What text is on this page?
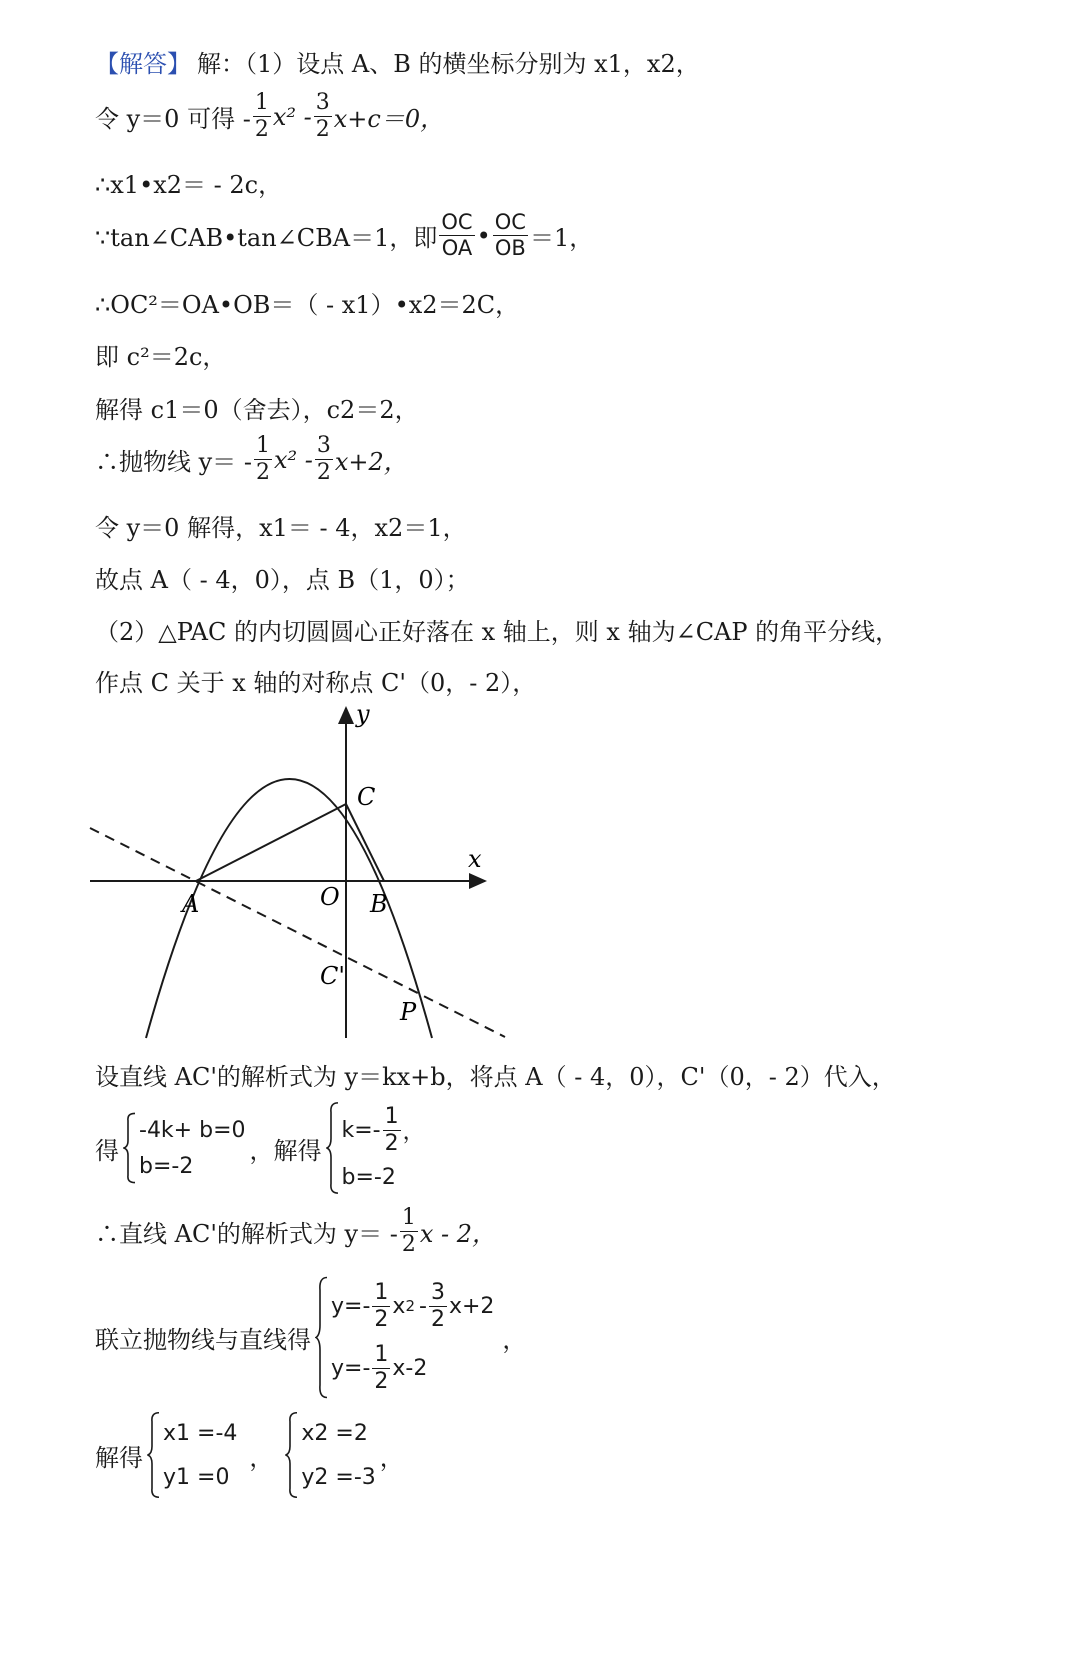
【解答】 解：（1）设点 A、B 的横坐标分别为 x1，x2，
令 y＝0 可得 - $\frac{1}{2} x^2 - \frac{3}{2} x+c=0$，
∴x1•x2＝ - 2c，
∵tan∠CAB•tan∠CBA＝1，即 $\frac{OC}{OA}$ • $\frac{OC}{OB} =1$，
∴OC²＝OA•OB＝（ - x1）•x2＝2C，
即 c²＝2c，
解得 c1＝0（舍去），c2＝2，
∴抛物线 $y= - \frac{1}{2} x^2 - \frac{3}{2} x+2$，
令 y＝0 解得，x1＝ - 4，x2＝1，
故点 A（ - 4，0），点 B（1，0）；
（2）△PAC 的内切圆圆心正好落在 x 轴上，则 x 轴为∠CAP 的角平分线，
作点 C 关于 x 轴的对称点 C'（0，- 2），
y
x
C
O
A	B
C'
P
设直线 AC'的解析式为 y＝kx+b，将点 A（ - 4，0），C'（0，- 2）代入，
得
-4k+ b=0
b=-2
，解得
$k=- \frac{1}{2}$ ，
b=-2
∴直线 AC'的解析式为 $y= - \frac{1}{2}$ x - 2，
联立抛物线与直线得
$y=- \frac{1}{2}$ x $2 - \frac{3}{2} x+2$
$y=- \frac{1}{2} x-2$
，
解得
x1 =-4
y1 =0
，
x2 =2
y2 =-3
，
